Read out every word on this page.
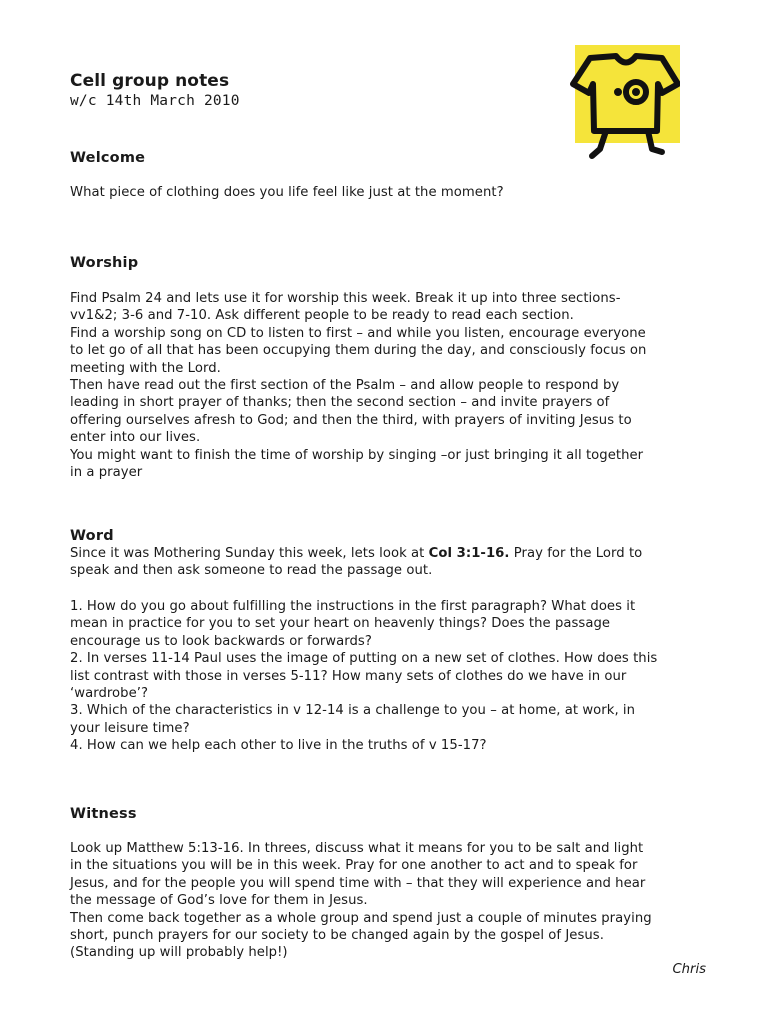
Cell group notes
w/c 14th March 2010
Welcome

What piece of clothing does you life feel like just at the moment?

Worship

Find Psalm 24 and lets use it for worship this week. Break it up into three sections-
vv1&2; 3-6 and 7-10. Ask different people to be ready to read each section.
Find a worship song on CD to listen to first – and while you listen, encourage everyone
to let go of all that has been occupying them during the day, and consciously focus on
meeting with the Lord.
Then have read out the first section of the Psalm – and allow people to respond by
leading in short prayer of thanks; then the second section – and invite prayers of
offering ourselves afresh to God; and then the third, with prayers of inviting Jesus to
enter into our lives.
You might want to finish the time of worship by singing –or just bringing it all together
in a prayer

Word

Since it was Mothering Sunday this week, lets look at Col 3:1-16. Pray for the Lord to
speak and then ask someone to read the passage out.

1. How do you go about fulfilling the instructions in the first paragraph? What does it
mean in practice for you to set your heart on heavenly things? Does the passage
encourage us to look backwards or forwards?
2. In verses 11-14 Paul uses the image of putting on a new set of clothes. How does this
list contrast with those in verses 5-11? How many sets of clothes do we have in our
‘wardrobe’?
3. Which of the characteristics in v 12-14 is a challenge to you – at home, at work, in
your leisure time?
4. How can we help each other to live in the truths of v 15-17?

Witness

Look up Matthew 5:13-16. In threes, discuss what it means for you to be salt and light
in the situations you will be in this week. Pray for one another to act and to speak for
Jesus, and for the people you will spend time with – that they will experience and hear
the message of God’s love for them in Jesus.
Then come back together as a whole group and spend just a couple of minutes praying
short, punch prayers for our society to be changed again by the gospel of Jesus.
(Standing up will probably help!)

Chris
